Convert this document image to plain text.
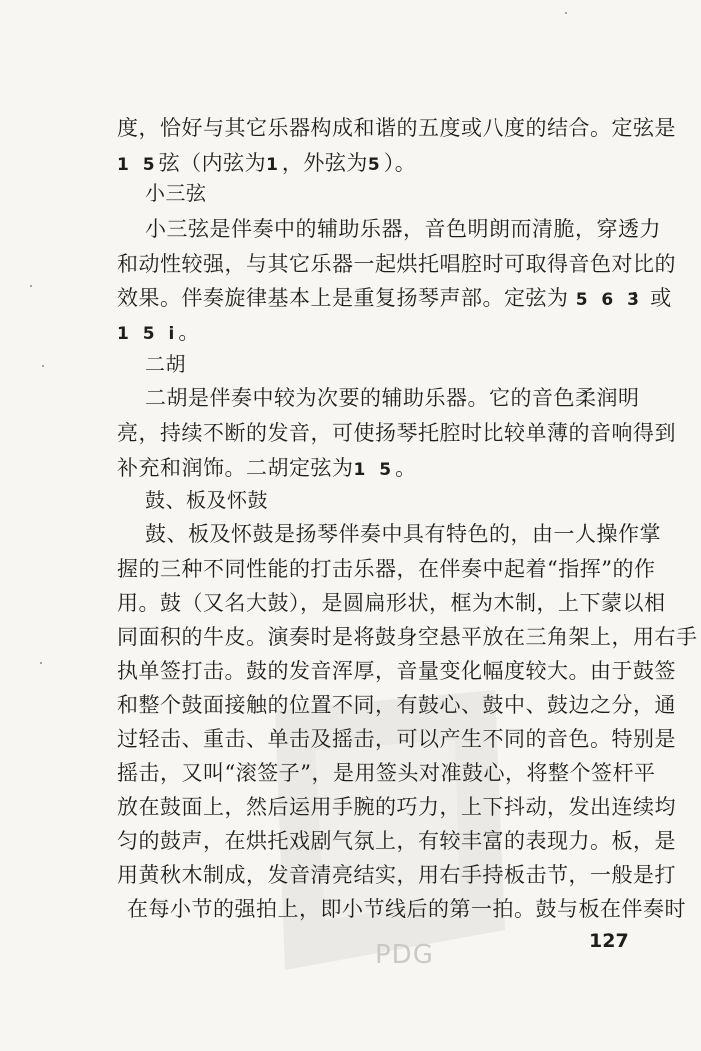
PDG
度，恰好与其它乐器构成和谐的五度或八度的结合。定弦是
1 5弦（内弦为1，外弦为5）。
小三弦
小三弦是伴奏中的辅助乐器，音色明朗而清脆，穿透力
和动性较强，与其它乐器一起烘托唱腔时可取得音色对比的
效果。伴奏旋律基本上是重复扬琴声部。定弦为 5 6 3̇ 或
1 5 i。
二胡
二胡是伴奏中较为次要的辅助乐器。它的音色柔润明
亮，持续不断的发音，可使扬琴托腔时比较单薄的音响得到
补充和润饰。二胡定弦为1 5。
鼓、板及怀鼓
鼓、板及怀鼓是扬琴伴奏中具有特色的，由一人操作掌
握的三种不同性能的打击乐器，在伴奏中起着“指挥”的作
用。鼓（又名大鼓），是圆扁形状，框为木制，上下蒙以相
同面积的牛皮。演奏时是将鼓身空悬平放在三角架上，用右手
执单签打击。鼓的发音浑厚，音量变化幅度较大。由于鼓签
和整个鼓面接触的位置不同，有鼓心、鼓中、鼓边之分，通
过轻击、重击、单击及摇击，可以产生不同的音色。特别是
摇击，又叫“滚签子”，是用签头对准鼓心，将整个签杆平
放在鼓面上，然后运用手腕的巧力，上下抖动，发出连续均
匀的鼓声，在烘托戏剧气氛上，有较丰富的表现力。板，是
用黄秋木制成，发音清亮结实，用右手持板击节，一般是打
在每小节的强拍上，即小节线后的第一拍。鼓与板在伴奏时
127
